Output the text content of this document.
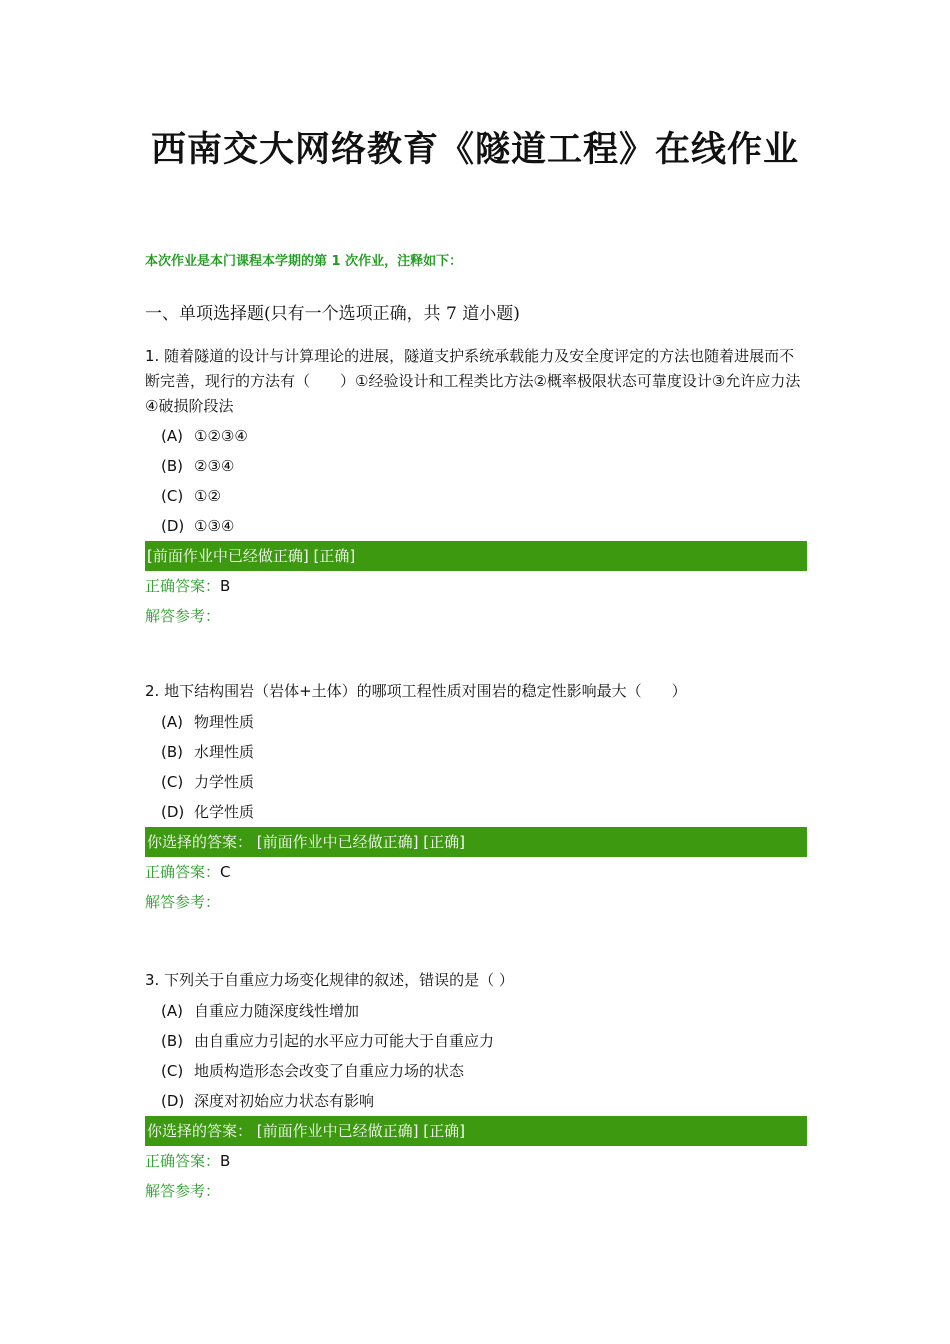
西南交大网络教育《隧道工程》在线作业
本次作业是本门课程本学期的第 1 次作业，注释如下：
一、单项选择题(只有一个选项正确，共 7 道小题)

1. 随着隧道的设计与计算理论的进展，隧道支护系统承载能力及安全度评定的方法也随着进展而不断完善，现行的方法有（　　）①经验设计和工程类比方法②概率极限状态可靠度设计③允许应力法④破损阶段法

(A) ①②③④
(B) ②③④
(C) ①②
(D) ①③④
[前面作业中已经做正确] [正确]
正确答案：B
解答参考：

2. 地下结构围岩（岩体+土体）的哪项工程性质对围岩的稳定性影响最大（　　）

(A) 物理性质
(B) 水理性质
(C) 力学性质
(D) 化学性质
你选择的答案： [前面作业中已经做正确] [正确]
正确答案：C
解答参考：

3. 下列关于自重应力场变化规律的叙述，错误的是（ ）

(A) 自重应力随深度线性增加
(B) 由自重应力引起的水平应力可能大于自重应力
(C) 地质构造形态会改变了自重应力场的状态
(D) 深度对初始应力状态有影响
你选择的答案： [前面作业中已经做正确] [正确]
正确答案：B
解答参考：
